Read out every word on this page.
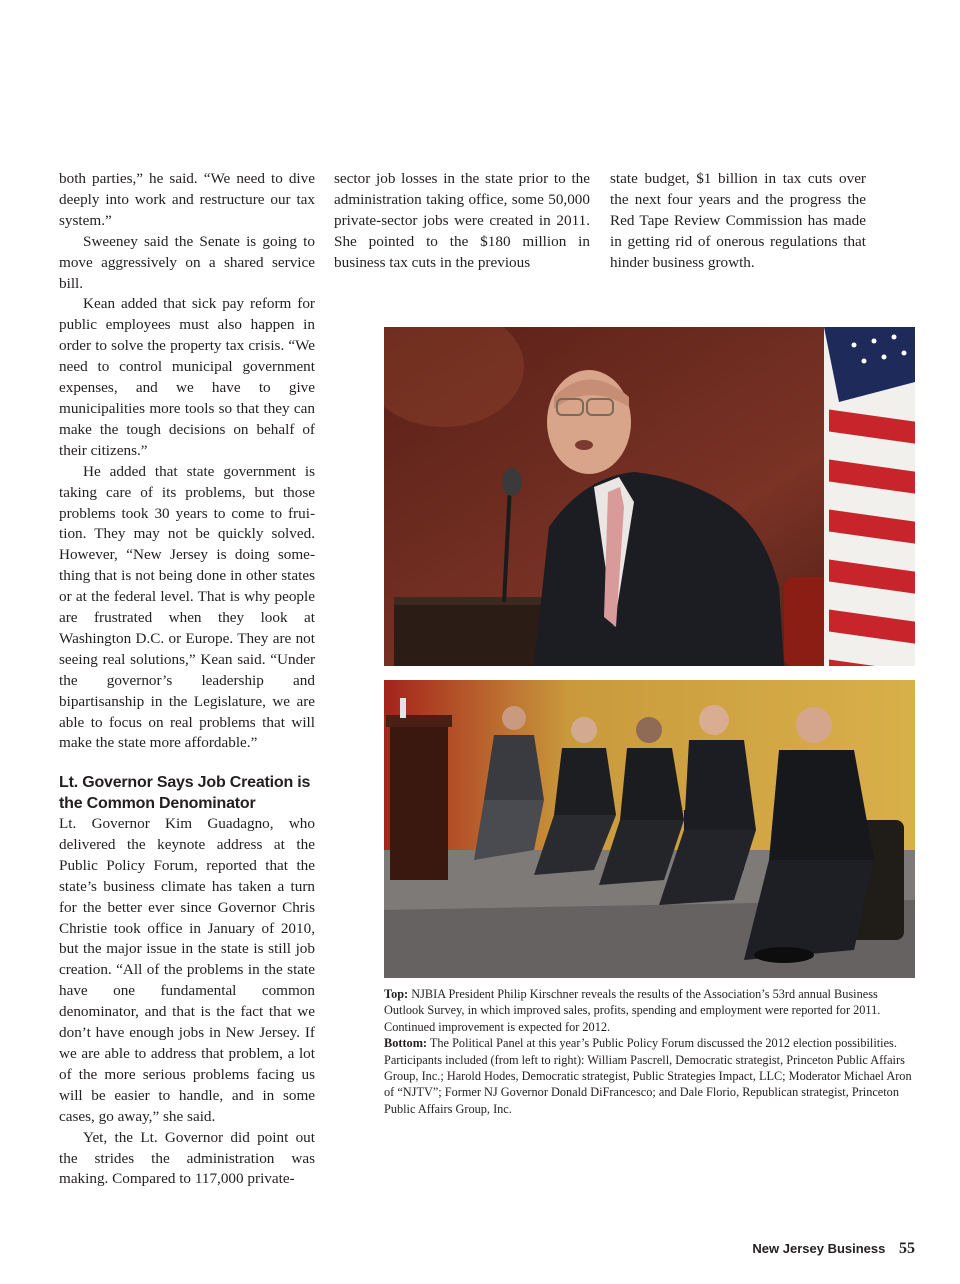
both parties,” he said. “We need to dive deeply into work and restructure our tax system.”

Sweeney said the Senate is going to move aggressively on a shared service bill.

Kean added that sick pay reform for public employees must also happen in order to solve the property tax crisis. “We need to control municipal government expenses, and we have to give municipalities more tools so that they can make the tough decisions on behalf of their citizens.”

He added that state government is taking care of its problems, but those problems took 30 years to come to fruition. They may not be quickly solved. However, “New Jersey is doing something that is not being done in other states or at the federal level. That is why people are frustrated when they look at Washington D.C. or Europe. They are not seeing real solutions,” Kean said. “Under the governor’s leadership and bipartisanship in the Legislature, we are able to focus on real problems that will make the state more affordable.”

Lt. Governor Says Job Creation is the Common Denominator

Lt. Governor Kim Guadagno, who delivered the keynote address at the Public Policy Forum, reported that the state’s business climate has taken a turn for the better ever since Governor Chris Christie took office in January of 2010, but the major issue in the state is still job creation. “All of the problems in the state have one fundamental common denominator, and that is the fact that we don’t have enough jobs in New Jersey. If we are able to address that problem, a lot of the more serious problems facing us will be easier to handle, and in some cases, go away,” she said.

Yet, the Lt. Governor did point out the strides the administration was making. Compared to 117,000 private-

sector job losses in the state prior to the administration taking office, some 50,000 private-sector jobs were created in 2011. She pointed to the $180 million in business tax cuts in the previous

state budget, $1 billion in tax cuts over the next four years and the progress the Red Tape Review Commission has made in getting rid of onerous regulations that hinder business growth.

Top: NJBIA President Philip Kirschner reveals the results of the Association’s 53rd annual Business Outlook Survey, in which improved sales, profits, spending and employment were reported for 2011. Continued improvement is expected for 2012.

Bottom: The Political Panel at this year’s Public Policy Forum discussed the 2012 election possibilities. Participants included (from left to right): William Pascrell, Democratic strategist, Princeton Public Affairs Group, Inc.; Harold Hodes, Democratic strategist, Public Strategies Impact, LLC; Moderator Michael Aron of “NJTV”; Former NJ Governor Donald DiFrancesco; and Dale Florio, Republican strategist, Princeton Public Affairs Group, Inc.

New Jersey Business 55
